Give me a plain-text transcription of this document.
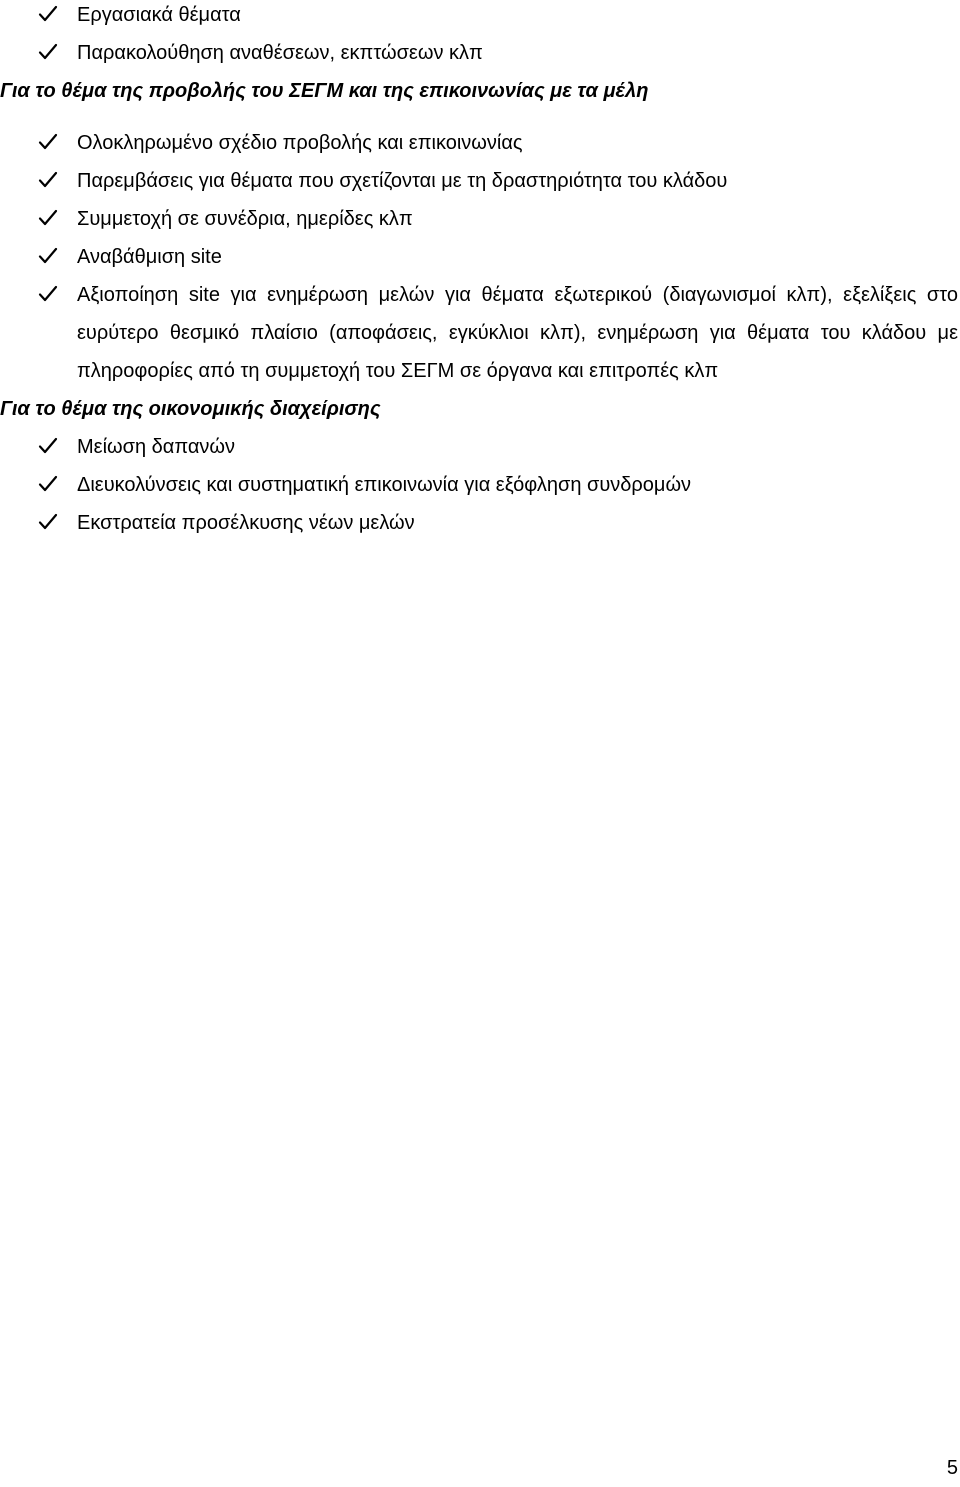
Εργασιακά θέματα
Παρακολούθηση αναθέσεων, εκπτώσεων κλπ
Για το θέμα της προβολής του ΣΕΓΜ και της επικοινωνίας με τα μέλη
Ολοκληρωμένο σχέδιο προβολής και επικοινωνίας
Παρεμβάσεις για θέματα που σχετίζονται με τη δραστηριότητα του κλάδου
Συμμετοχή σε συνέδρια, ημερίδες κλπ
Αναβάθμιση site
Αξιοποίηση site για ενημέρωση μελών για θέματα εξωτερικού (διαγωνισμοί κλπ), εξελίξεις στο ευρύτερο θεσμικό πλαίσιο (αποφάσεις, εγκύκλιοι κλπ), ενημέρωση για θέματα του κλάδου με πληροφορίες από τη συμμετοχή του ΣΕΓΜ σε όργανα και επιτροπές κλπ
Για το θέμα της οικονομικής διαχείρισης
Μείωση δαπανών
Διευκολύνσεις και συστηματική επικοινωνία για εξόφληση συνδρομών
Εκστρατεία προσέλκυσης νέων μελών
5
